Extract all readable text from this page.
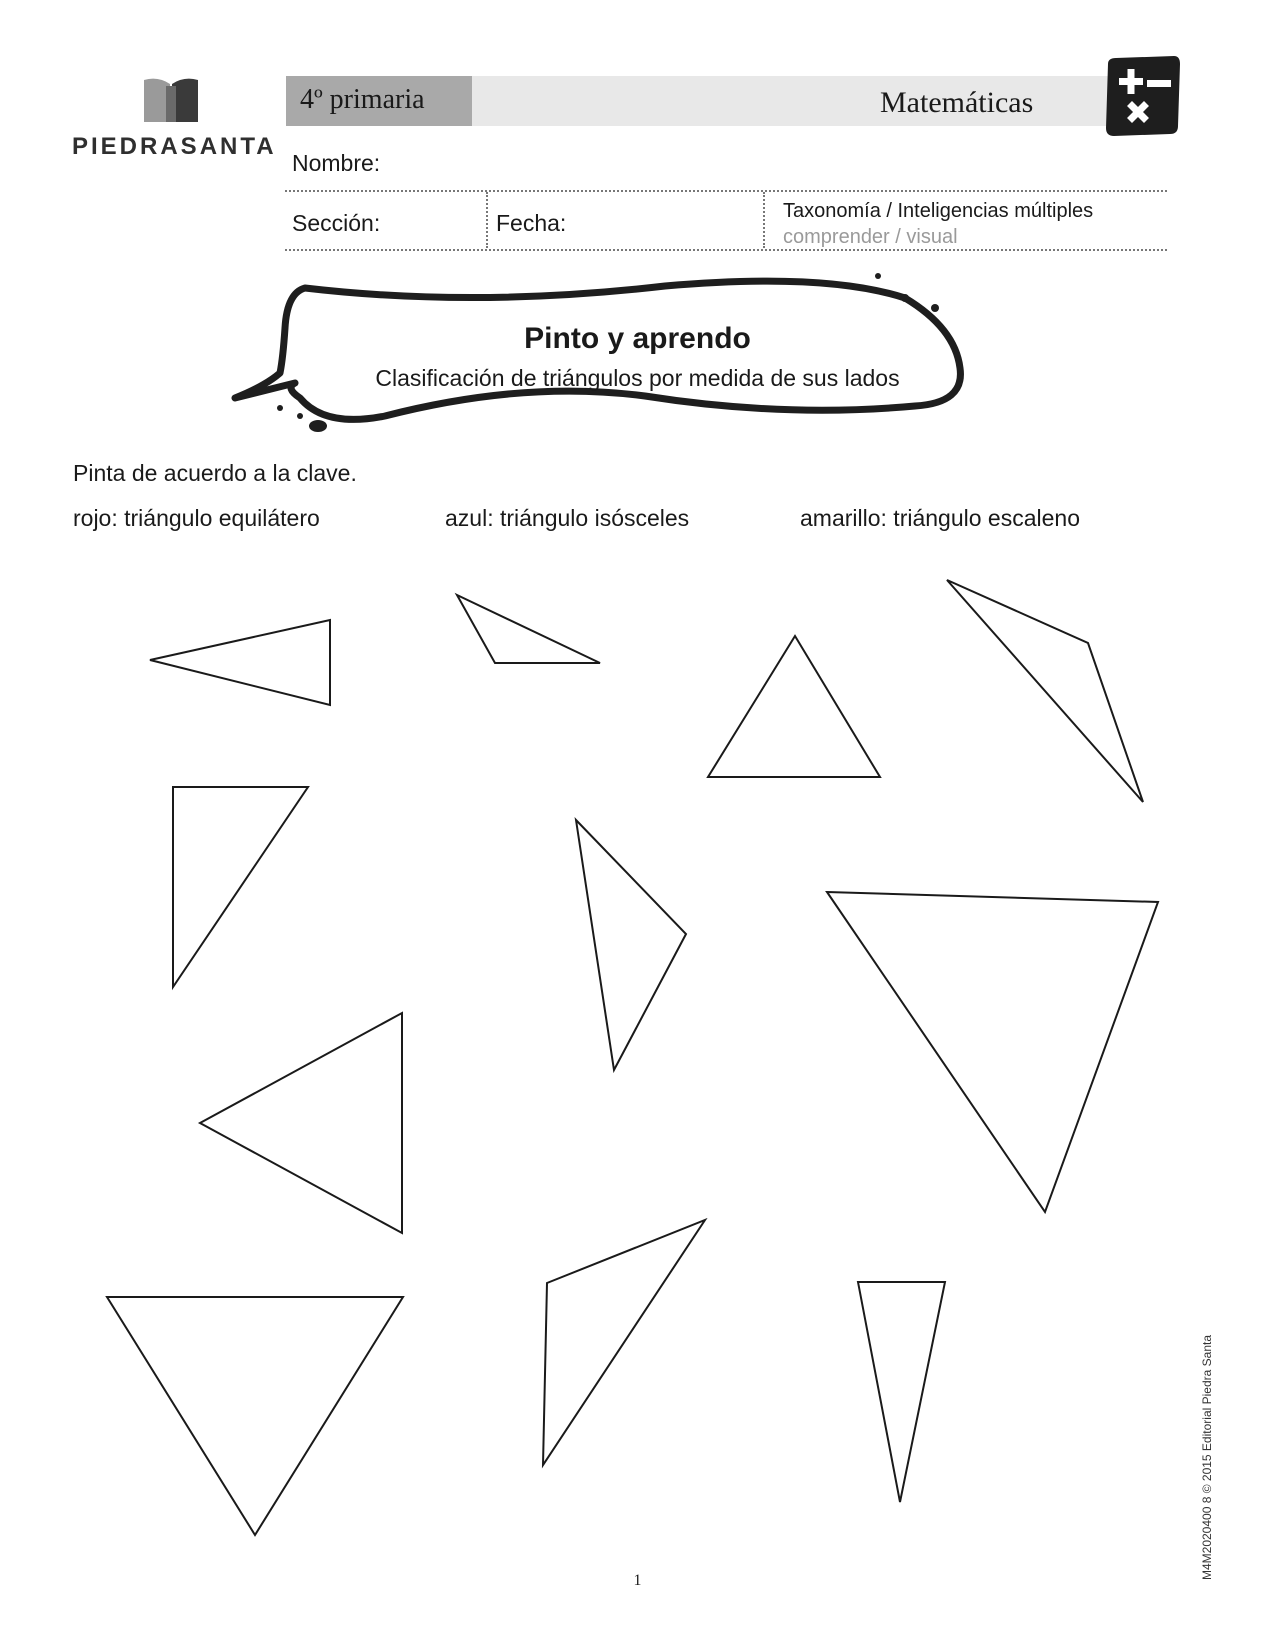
PIEDRASANTA
4º primaria	Matemáticas
Nombre:
Sección:	Fecha:	Taxonomía / Inteligencias múltiples
comprender / visual
Pinto y aprendo
Clasificación de triángulos por medida de sus lados
Pinta de acuerdo a la clave.
rojo: triángulo equilátero	azul: triángulo isósceles	amarillo: triángulo escaleno
M4M2020400 8 © 2015 Editorial Piedra Santa
1
